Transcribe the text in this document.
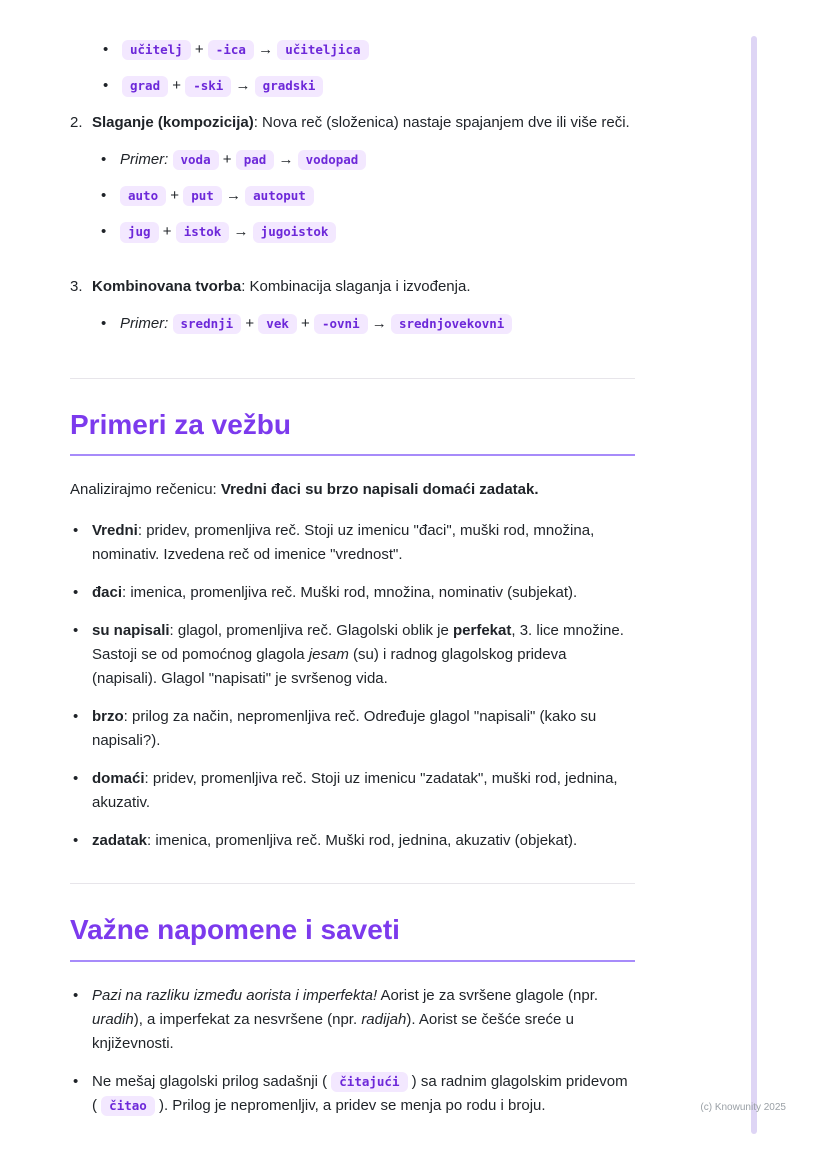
• učitelj + -ica → učiteljica
• grad + -ski → gradski
2. Slaganje (kompozicija): Nova reč (složenica) nastaje spajanjem dve ili više reči.

• Primer: voda + pad → vodopad
• auto + put → autoput
• jug + istok → jugoistok
3. Kombinovana tvorba: Kombinacija slaganja i izvođenja.

• Primer: srednji + vek + -ovni → srednjovekovni
Primeri za vežbu

Analizirajmo rečenicu: Vredni đaci su brzo napisali domaći zadatak.

• Vredni: pridev, promenljiva reč. Stoji uz imenicu "đaci", muški rod, množina, nominativ. Izvedena reč od imenice "vrednost".
• đaci: imenica, promenljiva reč. Muški rod, množina, nominativ (subjekat).
• su napisali: glagol, promenljiva reč. Glagolski oblik je perfekat, 3. lice množine. Sastoji se od pomoćnog glagola jesam (su) i radnog glagolskog prideva (napisali). Glagol "napisati" je svršenog vida.
• brzo: prilog za način, nepromenljiva reč. Određuje glagol "napisali" (kako su napisali?).
• domaći: pridev, promenljiva reč. Stoji uz imenicu "zadatak", muški rod, jednina, akuzativ.
• zadatak: imenica, promenljiva reč. Muški rod, jednina, akuzativ (objekat).
Važne napomene i saveti
• Pazi na razliku između aorista i imperfekta! Aorist je za svršene glagole (npr. uradih), a imperfekat za nesvršene (npr. radijah). Aorist se češće sreće u književnosti.
• Ne mešaj glagolski prilog sadašnji ( čitajući ) sa radnim glagolskim pridevom ( čitao ). Prilog je nepromenljiv, a pridev se menja po rodu i broju.	(c) Knowunity 2025
